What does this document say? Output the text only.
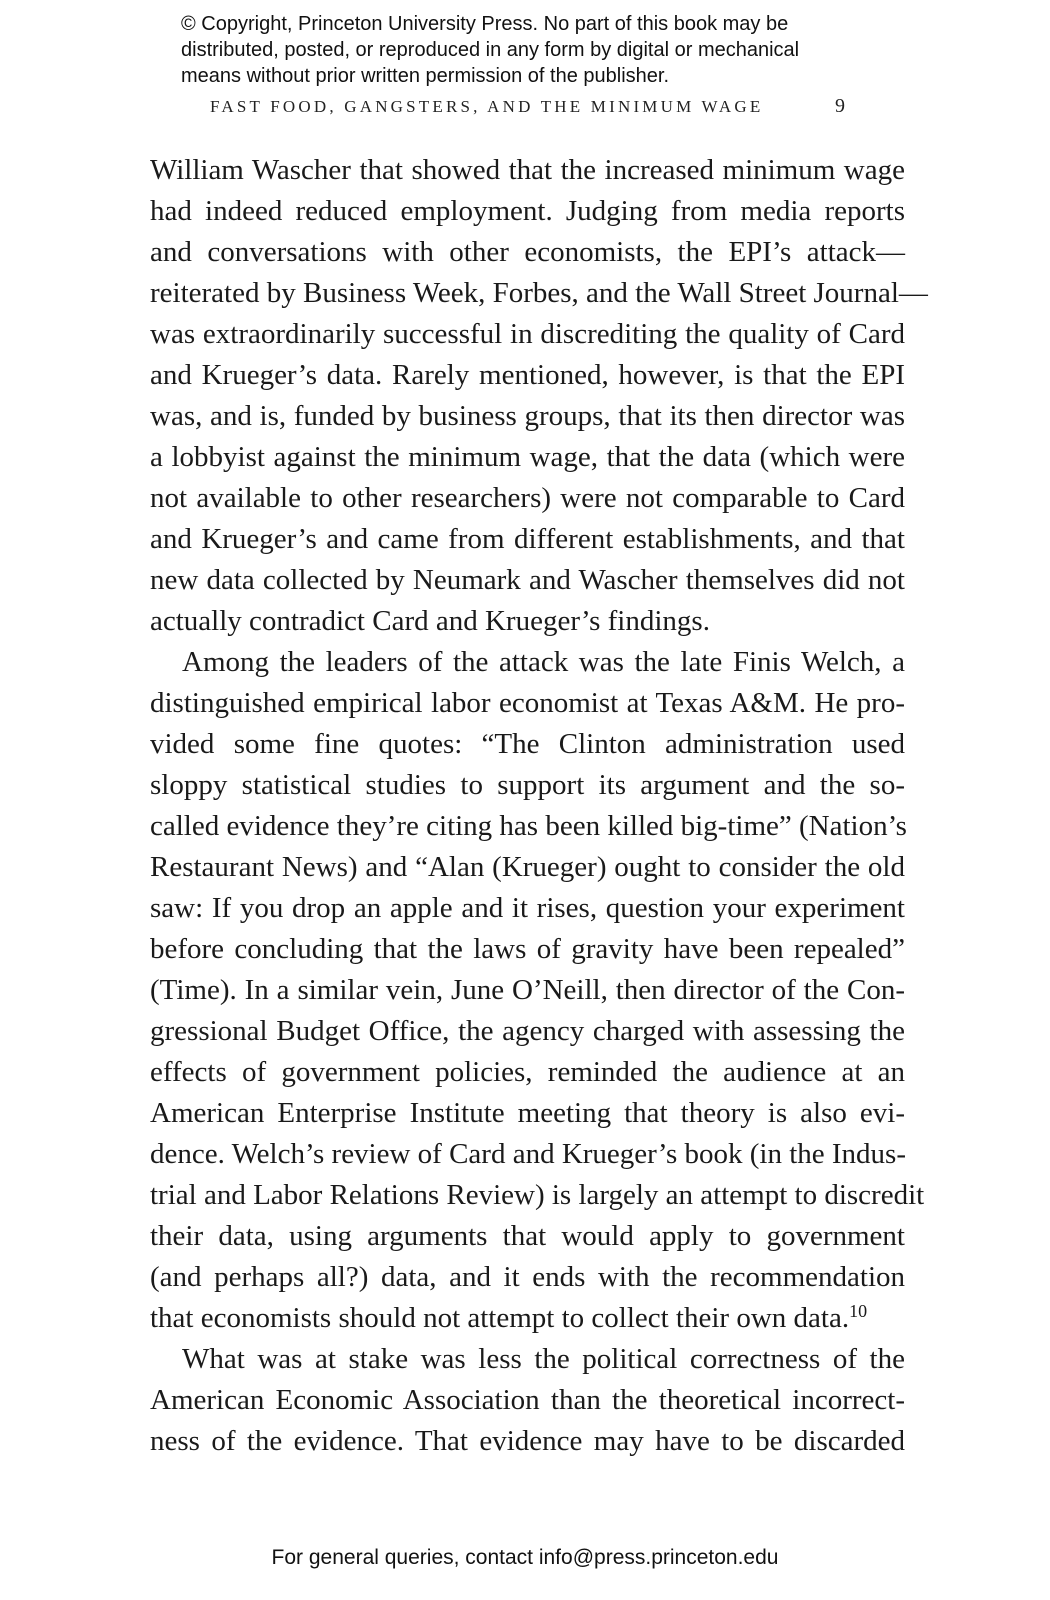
© Copyright, Princeton University Press. No part of this book may be
distributed, posted, or reproduced in any form by digital or mechanical
means without prior written permission of the publisher.
FAST FOOD, GANGSTERS, AND THE MINIMUM WAGE	9
William Wascher that showed that the increased minimum wage
had indeed reduced employment. Judging from media reports
and conversations with other economists, the EPI’s attack—
reiterated by Business Week, Forbes, and the Wall Street Journal—
was extraordinarily successful in discrediting the quality of Card
and Krueger’s data. Rarely mentioned, however, is that the EPI
was, and is, funded by business groups, that its then director was
a lobbyist against the minimum wage, that the data (which were
not available to other researchers) were not comparable to Card
and Krueger’s and came from different establishments, and that
new data collected by Neumark and Wascher themselves did not
actually contradict Card and Krueger’s findings.
Among the leaders of the attack was the late Finis Welch, a
distinguished empirical labor economist at Texas A&M. He pro-
vided some fine quotes: “The Clinton administration used
sloppy statistical studies to support its argument and the so-
called evidence they’re citing has been killed big-time” (Nation’s
Restaurant News) and “Alan (Krueger) ought to consider the old
saw: If you drop an apple and it rises, question your experiment
before concluding that the laws of gravity have been repealed”
(Time). In a similar vein, June O’Neill, then director of the Con-
gressional Budget Office, the agency charged with assessing the
effects of government policies, reminded the audience at an
American Enterprise Institute meeting that theory is also evi-
dence. Welch’s review of Card and Krueger’s book (in the Indus-
trial and Labor Relations Review) is largely an attempt to discredit
their data, using arguments that would apply to government
(and perhaps all?) data, and it ends with the recommendation
that economists should not attempt to collect their own data.$^{10}$
What was at stake was less the political correctness of the
American Economic Association than the theoretical incorrect-
ness of the evidence. That evidence may have to be discarded
For general queries, contact info@press.princeton.edu
